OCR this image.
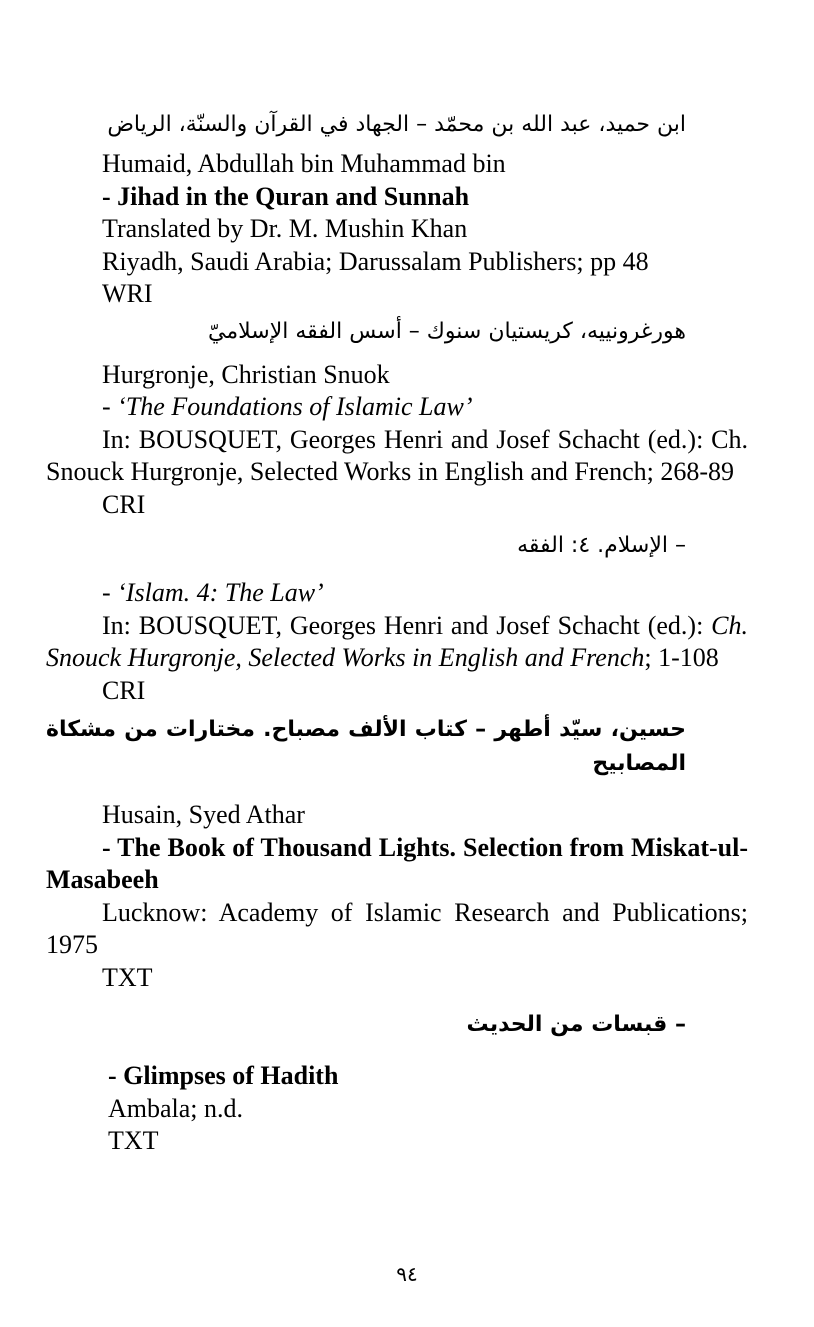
ابن حميد، عبد الله بن محمّد – الجهاد في القرآن والسنّة، الرياض

Humaid, Abdullah bin Muhammad bin

- Jihad in the Quran and Sunnah

Translated by Dr. M. Mushin Khan

Riyadh, Saudi Arabia; Darussalam Publishers; pp 48

WRI

هورغرونييه، كريستيان سنوك – أسس الفقه الإسلاميّ

Hurgronje, Christian Snuok

- ‘The Foundations of Islamic Law’

In: BOUSQUET, Georges Henri and Josef Schacht (ed.): Ch. Snouck Hurgronje, Selected Works in English and French; 268-89

CRI

– الإسلام. ٤: الفقه

- ‘Islam. 4: The Law’

In: BOUSQUET, Georges Henri and Josef Schacht (ed.): Ch. Snouck Hurgronje, Selected Works in English and French; 1-108

CRI

حسين، سيّد أطهر – كتاب الألف مصباح. مختارات من مشكاة المصابيح

Husain, Syed Athar

- The Book of Thousand Lights. Selection from Miskat-ul-Masabeeh

Lucknow: Academy of Islamic Research and Publications; 1975

TXT

– قبسات من الحديث

- Glimpses of Hadith

Ambala; n.d.

TXT

٩٤
